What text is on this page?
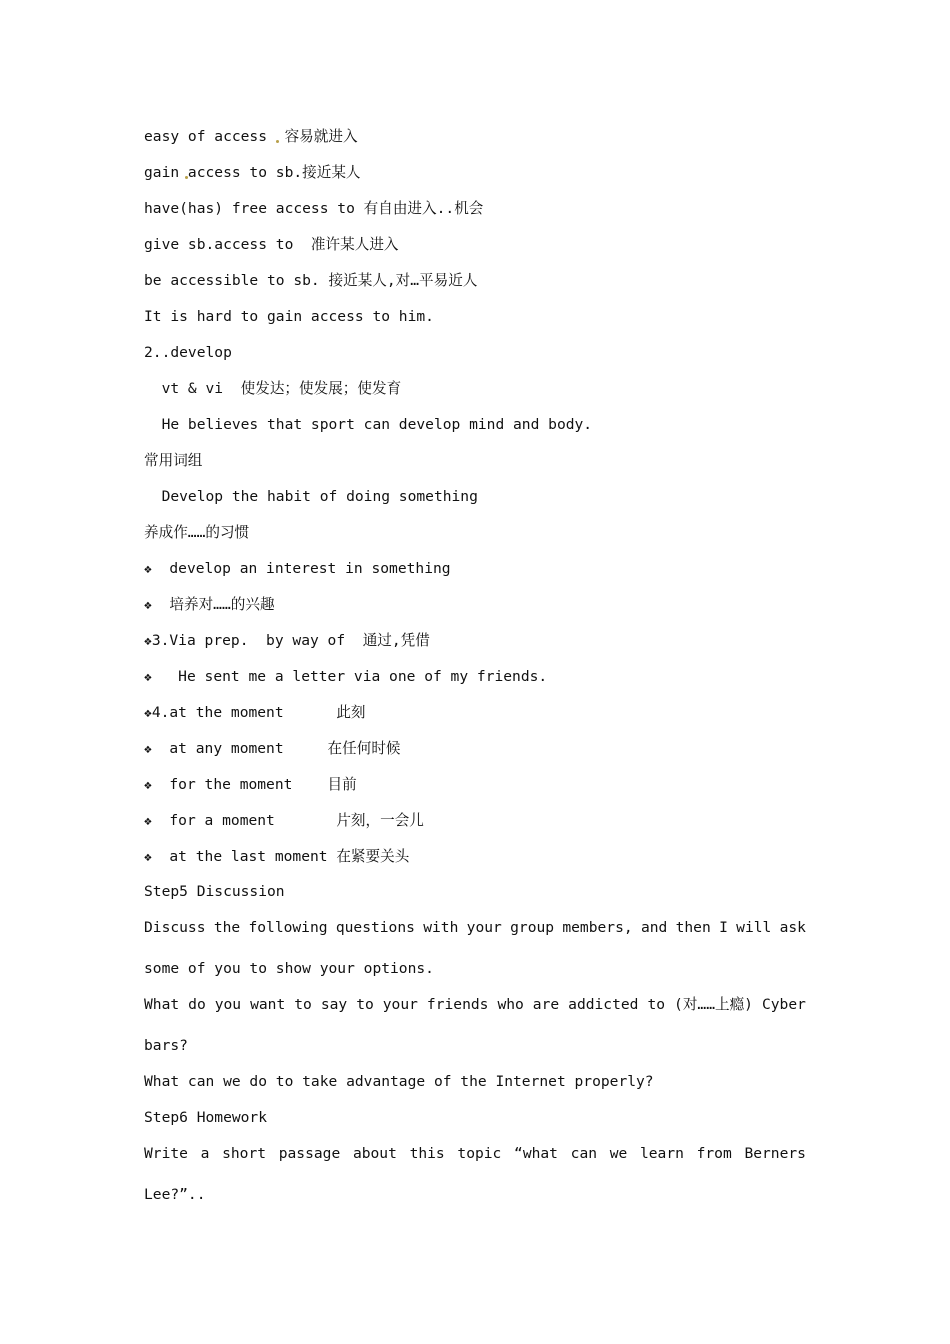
easy of access  容易就进入

gain access to sb.接近某人

have(has) free access to 有自由进入..机会

give sb.access to  准许某人进入

be accessible to sb. 接近某人,对…平易近人

It is hard to gain access to him.

2..develop

vt & vi  使发达；使发展；使发育

He believes that sport can develop mind and body.

常用词组

Develop the habit of doing something

养成作……的习惯

❖  develop an interest in something

❖  培养对……的兴趣

❖3.Via prep.  by way of  通过,凭借

❖   He sent me a letter via one of my friends.

❖4.at the moment      此刻

❖  at any moment     在任何时候

❖  for the moment    目前

❖  for a moment       片刻，一会儿

❖  at the last moment 在紧要关头

Step5 Discussion

Discuss the following questions with your group members, and then I will ask

some of you to show your options.

What do you want to say to your friends who are addicted to (对……上瘾) Cyber

bars?

What can we do to take advantage of the Internet properly?

Step6 Homework

Write a short passage about this topic “what can we learn from Berners

Lee?”..
